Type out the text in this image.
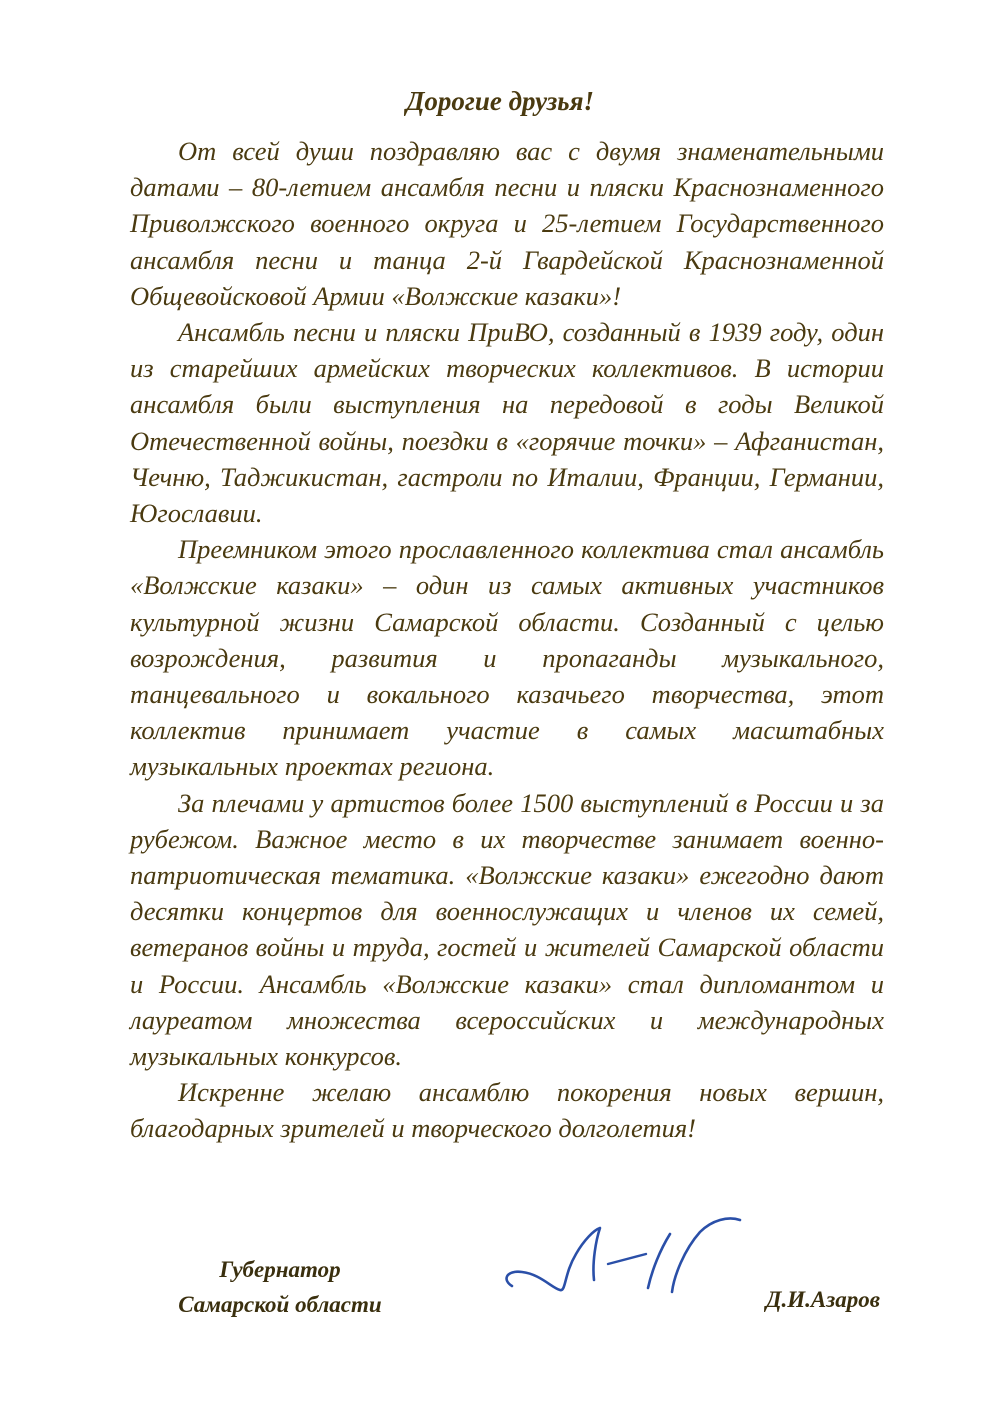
Дорогие друзья!

От всей души поздравляю вас с двумя знаменательными датами – 80-летием ансамбля песни и пляски Краснознаменного Приволжского военного округа и 25-летием Государственного ансамбля песни и танца 2-й Гвардейской Краснознаменной Общевойсковой Армии «Волжские казаки»!

Ансамбль песни и пляски ПриВО, созданный в 1939 году, один из старейших армейских творческих коллективов. В истории ансамбля были выступления на передовой в годы Великой Отечественной войны, поездки в «горячие точки» – Афганистан, Чечню, Таджикистан, гастроли по Италии, Франции, Германии, Югославии.

Преемником этого прославленного коллектива стал ансамбль «Волжские казаки» – один из самых активных участников культурной жизни Самарской области. Созданный с целью возрождения, развития и пропаганды музыкального, танцевального и вокального казачьего творчества, этот коллектив принимает участие в самых масштабных музыкальных проектах региона.

За плечами у артистов более 1500 выступлений в России и за рубежом. Важное место в их творчестве занимает военно-патриотическая тематика. «Волжские казаки» ежегодно дают десятки концертов для военнослужащих и членов их семей, ветеранов войны и труда, гостей и жителей Самарской области и России. Ансамбль «Волжские казаки» стал дипломантом и лауреатом множества всероссийских и международных музыкальных конкурсов.

Искренне желаю ансамблю покорения новых вершин, благодарных зрителей и творческого долголетия!

Губернатор
Самарской области	Д.И.Азаров
